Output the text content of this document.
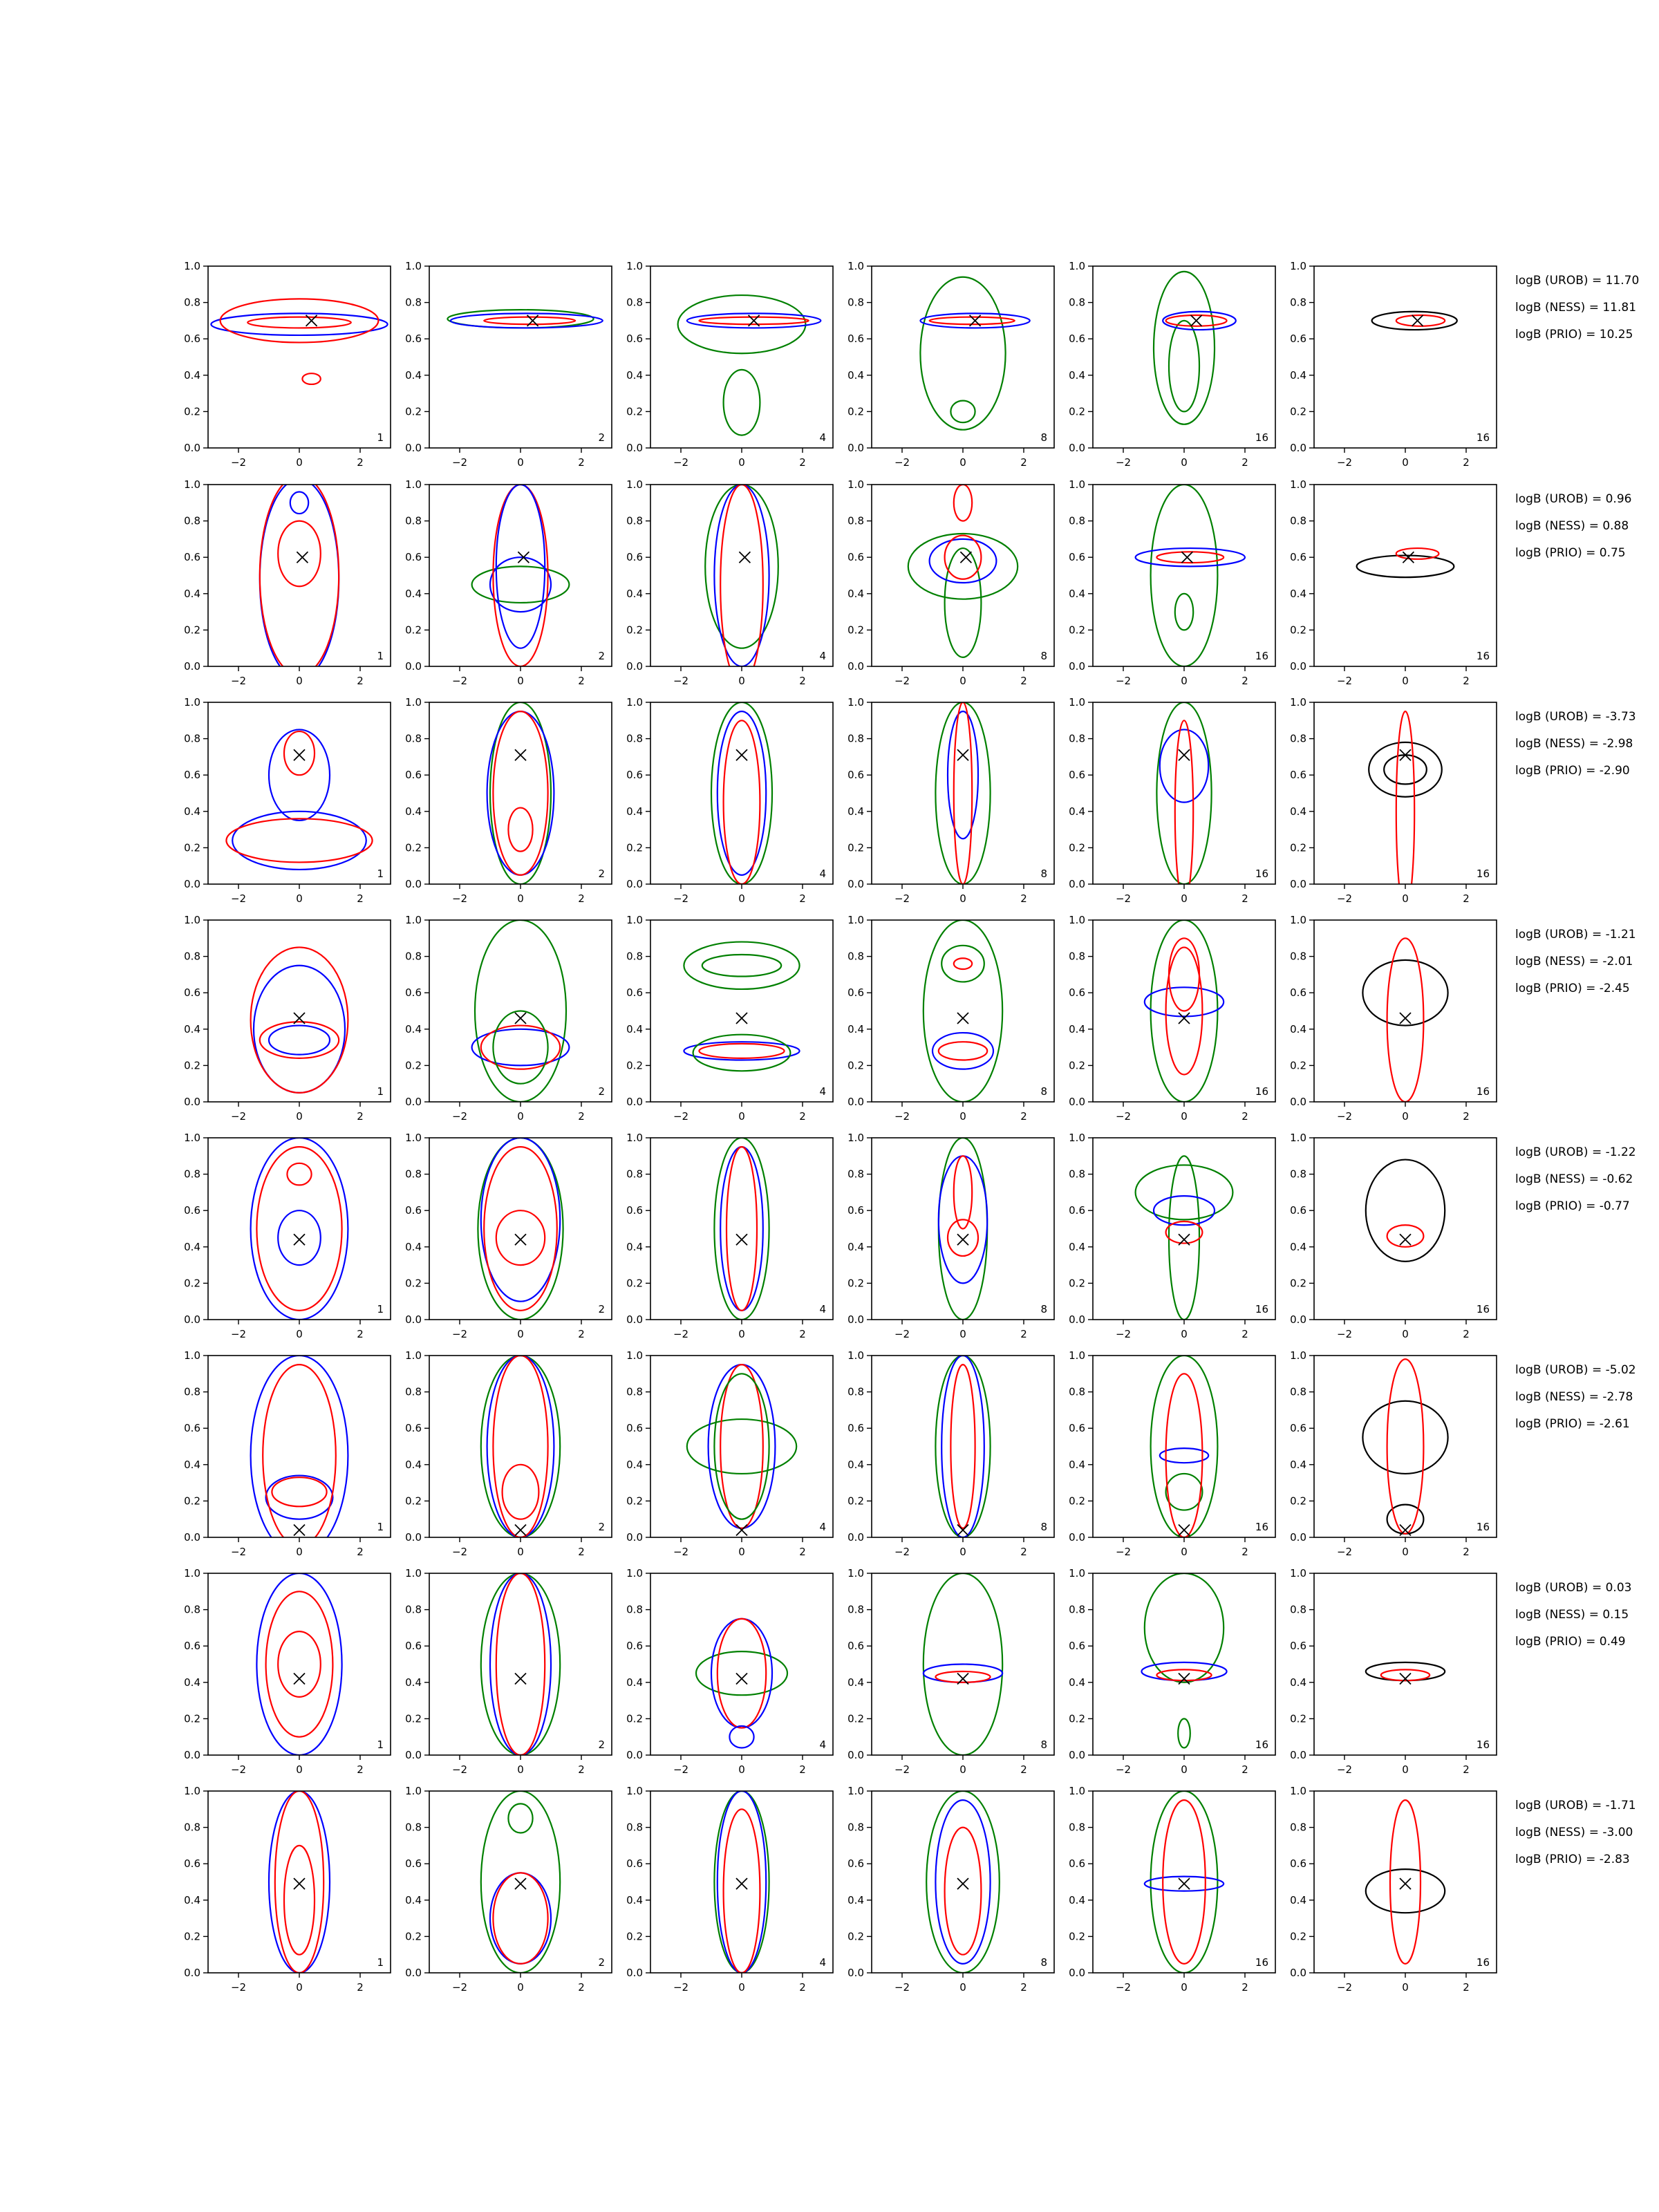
−2	0	2
0.0
0.2
0.4
0.6
0.8
1.0
1
−2	0	2
0.0
0.2
0.4
0.6
0.8
1.0
2
−2	0	2
0.0
0.2
0.4
0.6
0.8
1.0
4
−2	0	2
0.0
0.2
0.4
0.6
0.8
1.0
8
−2	0	2
0.0
0.2
0.4
0.6
0.8
1.0
16
−2	0	2
0.0
0.2
0.4
0.6
0.8
1.0
16
logB (UROB) = 11.70
logB (NESS) = 11.81
logB (PRIO) = 10.25
−2	0	2
0.0
0.2
0.4
0.6
0.8
1.0
1
−2	0	2
0.0
0.2
0.4
0.6
0.8
1.0
2
−2	0	2
0.0
0.2
0.4
0.6
0.8
1.0
4
−2	0	2
0.0
0.2
0.4
0.6
0.8
1.0
8
−2	0	2
0.0
0.2
0.4
0.6
0.8
1.0
16
−2	0	2
0.0
0.2
0.4
0.6
0.8
1.0
16
logB (UROB) = 0.96
logB (NESS) = 0.88
logB (PRIO) = 0.75
−2	0	2
0.0
0.2
0.4
0.6
0.8
1.0
1
−2	0	2
0.0
0.2
0.4
0.6
0.8
1.0
2
−2	0	2
0.0
0.2
0.4
0.6
0.8
1.0
4
−2	0	2
0.0
0.2
0.4
0.6
0.8
1.0
8
−2	0	2
0.0
0.2
0.4
0.6
0.8
1.0
16
−2	0	2
0.0
0.2
0.4
0.6
0.8
1.0
16
logB (UROB) = -3.73
logB (NESS) = -2.98
logB (PRIO) = -2.90
−2	0	2
0.0
0.2
0.4
0.6
0.8
1.0
1
−2	0	2
0.0
0.2
0.4
0.6
0.8
1.0
2
−2	0	2
0.0
0.2
0.4
0.6
0.8
1.0
4
−2	0	2
0.0
0.2
0.4
0.6
0.8
1.0
8
−2	0	2
0.0
0.2
0.4
0.6
0.8
1.0
16
−2	0	2
0.0
0.2
0.4
0.6
0.8
1.0
16
logB (UROB) = -1.21
logB (NESS) = -2.01
logB (PRIO) = -2.45
−2	0	2
0.0
0.2
0.4
0.6
0.8
1.0
1
−2	0	2
0.0
0.2
0.4
0.6
0.8
1.0
2
−2	0	2
0.0
0.2
0.4
0.6
0.8
1.0
4
−2	0	2
0.0
0.2
0.4
0.6
0.8
1.0
8
−2	0	2
0.0
0.2
0.4
0.6
0.8
1.0
16
−2	0	2
0.0
0.2
0.4
0.6
0.8
1.0
16
logB (UROB) = -1.22
logB (NESS) = -0.62
logB (PRIO) = -0.77
−2	0	2
0.0
0.2
0.4
0.6
0.8
1.0
1
−2	0	2
0.0
0.2
0.4
0.6
0.8
1.0
2
−2	0	2
0.0
0.2
0.4
0.6
0.8
1.0
4
−2	0	2
0.0
0.2
0.4
0.6
0.8
1.0
8
−2	0	2
0.0
0.2
0.4
0.6
0.8
1.0
16
−2	0	2
0.0
0.2
0.4
0.6
0.8
1.0
16
logB (UROB) = -5.02
logB (NESS) = -2.78
logB (PRIO) = -2.61
−2	0	2
0.0
0.2
0.4
0.6
0.8
1.0
1
−2	0	2
0.0
0.2
0.4
0.6
0.8
1.0
2
−2	0	2
0.0
0.2
0.4
0.6
0.8
1.0
4
−2	0	2
0.0
0.2
0.4
0.6
0.8
1.0
8
−2	0	2
0.0
0.2
0.4
0.6
0.8
1.0
16
−2	0	2
0.0
0.2
0.4
0.6
0.8
1.0
16
logB (UROB) = 0.03
logB (NESS) = 0.15
logB (PRIO) = 0.49
−2	0	2
0.0
0.2
0.4
0.6
0.8
1.0
1
−2	0	2
0.0
0.2
0.4
0.6
0.8
1.0
2
−2	0	2
0.0
0.2
0.4
0.6
0.8
1.0
4
−2	0	2
0.0
0.2
0.4
0.6
0.8
1.0
8
−2	0	2
0.0
0.2
0.4
0.6
0.8
1.0
16
−2	0	2
0.0
0.2
0.4
0.6
0.8
1.0
16
logB (UROB) = -1.71
logB (NESS) = -3.00
logB (PRIO) = -2.83
